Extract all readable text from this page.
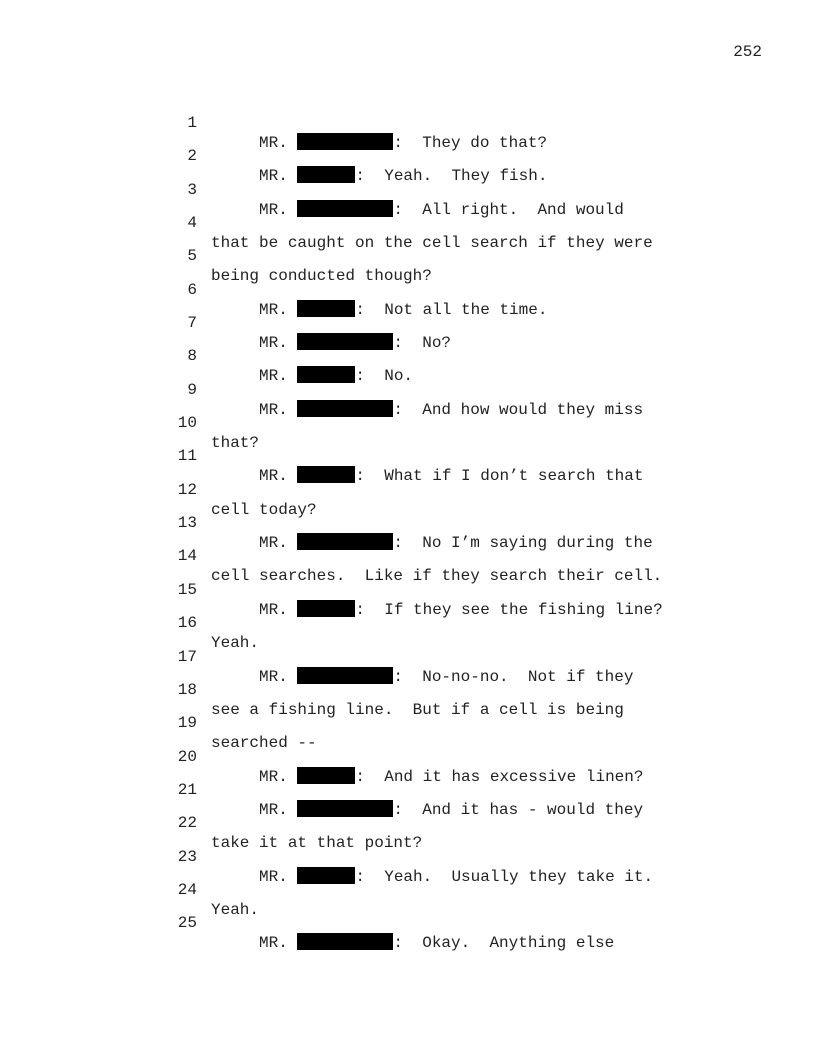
252

1

MR.	:  They do that?

2

MR.	:  Yeah.  They fish.

3

MR.	:  All right.  And would

4

that be caught on the cell search if they were

5

being conducted though?

6

MR.	:  Not all the time.

7

MR.	:  No?

8

MR.	:  No.

9

MR.	:  And how would they miss

10

that?

11

MR.	:  What if I don’t search that

12

cell today?

13

MR.	:  No I’m saying during the

14

cell searches.  Like if they search their cell.

15

MR.	:  If they see the fishing line?

16

Yeah.

17

MR.	:  No-no-no.  Not if they

18

see a fishing line.  But if a cell is being

19

searched --

20

MR.	:  And it has excessive linen?

21

MR.	:  And it has - would they

22

take it at that point?

23

MR.	:  Yeah.  Usually they take it.

24

Yeah.

25

MR.	:  Okay.  Anything else
